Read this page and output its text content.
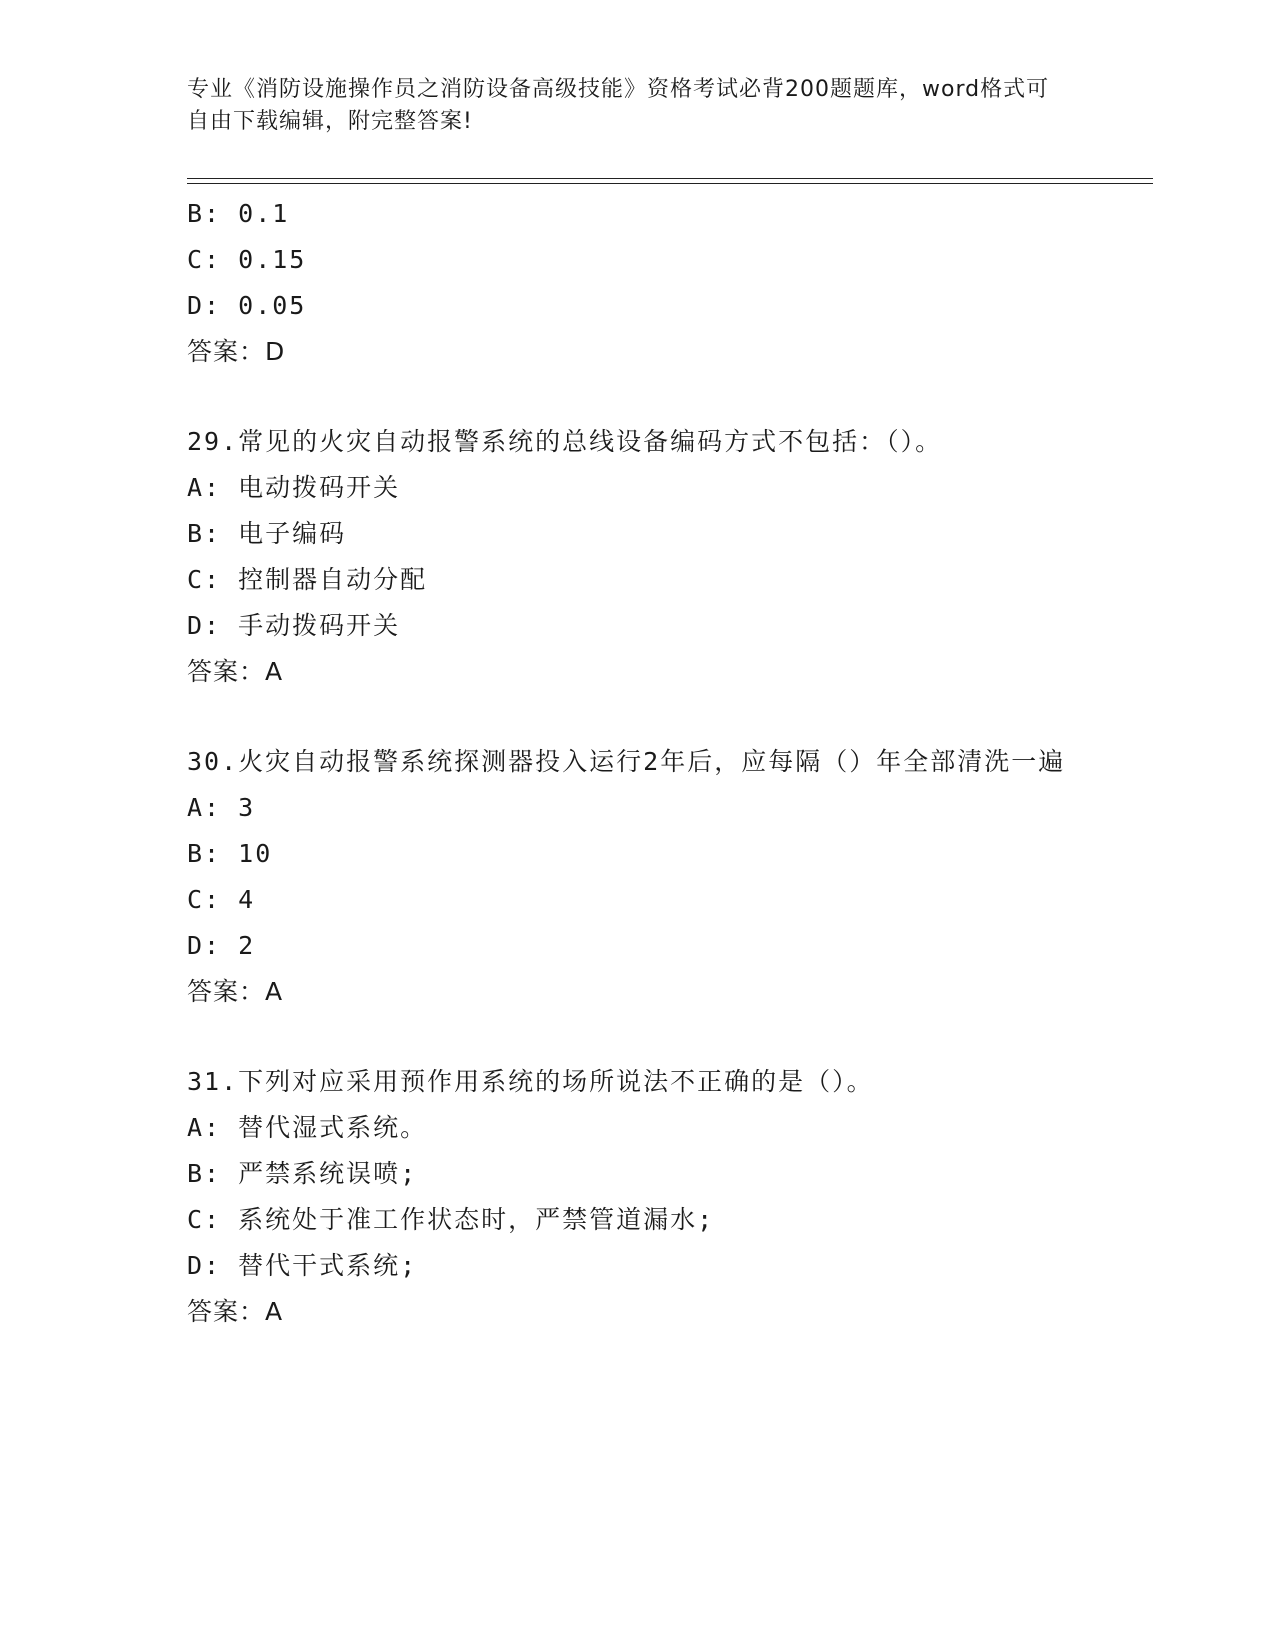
专业《消防设施操作员之消防设备高级技能》资格考试必背200题题库，word格式可自由下载编辑，附完整答案!
B: 0.1
C: 0.15
D: 0.05
答案：D
29.常见的火灾自动报警系统的总线设备编码方式不包括：（）。
A: 电动拨码开关
B: 电子编码
C: 控制器自动分配
D: 手动拨码开关
答案：A
30.火灾自动报警系统探测器投入运行2年后，应每隔（）年全部清洗一遍
A: 3
B: 10
C: 4
D: 2
答案：A
31.下列对应采用预作用系统的场所说法不正确的是（）。
A: 替代湿式系统。
B: 严禁系统误喷;
C: 系统处于准工作状态时，严禁管道漏水;
D: 替代干式系统;
答案：A
